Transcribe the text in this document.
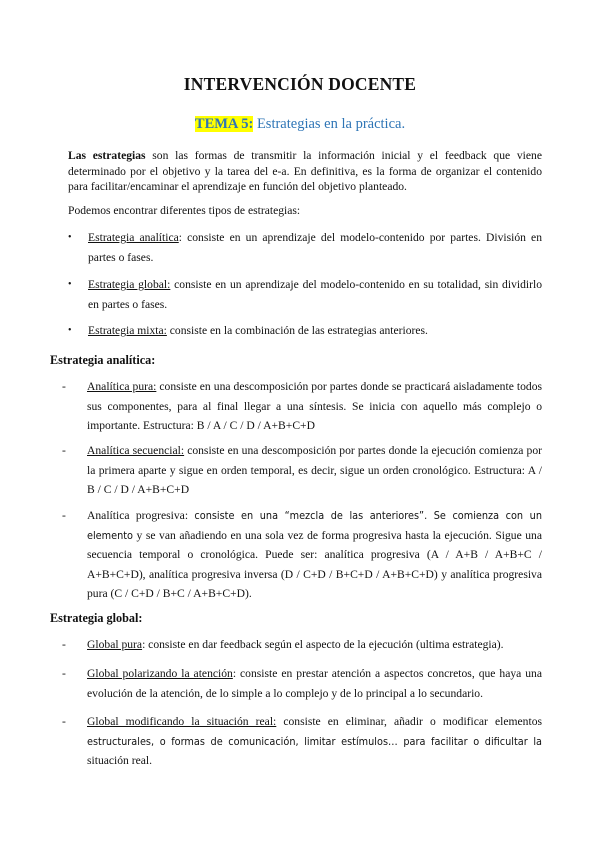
INTERVENCIÓN DOCENTE
TEMA 5: Estrategias en la práctica.
Las estrategias son las formas de transmitir la información inicial y el feedback que viene determinado por el objetivo y la tarea del e-a. En definitiva, es la forma de organizar el contenido para facilitar/encaminar el aprendizaje en función del objetivo planteado.
Podemos encontrar diferentes tipos de estrategias:
• Estrategia analítica: consiste en un aprendizaje del modelo-contenido por partes. División en partes o fases.
• Estrategia global: consiste en un aprendizaje del modelo-contenido en su totalidad, sin dividirlo en partes o fases.
• Estrategia mixta: consiste en la combinación de las estrategias anteriores.
Estrategia analítica:
- Analítica pura: consiste en una descomposición por partes donde se practicará aisladamente todos sus componentes, para al final llegar a una síntesis. Se inicia con aquello más complejo o importante. Estructura: B / A / C / D / A+B+C+D
- Analítica secuencial: consiste en una descomposición por partes donde la ejecución comienza por la primera aparte y sigue en orden temporal, es decir, sigue un orden cronológico. Estructura: A / B / C / D / A+B+C+D
- Analítica progresiva: consiste en una “mezcla de las anteriores”. Se comienza con un elemento y se van añadiendo en una sola vez de forma progresiva hasta la ejecución. Sigue una secuencia temporal o cronológica. Puede ser: analítica progresiva (A / A+B / A+B+C / A+B+C+D), analítica progresiva inversa (D / C+D / B+C+D / A+B+C+D) y analítica progresiva pura (C / C+D / B+C / A+B+C+D).
Estrategia global:
- Global pura: consiste en dar feedback según el aspecto de la ejecución (ultima estrategia).
- Global polarizando la atención: consiste en prestar atención a aspectos concretos, que haya una evolución de la atención, de lo simple a lo complejo y de lo principal a lo secundario.
- Global modificando la situación real: consiste en eliminar, añadir o modificar elementos estructurales, o formas de comunicación, limitar estímulos… para facilitar o dificultar la situación real.
